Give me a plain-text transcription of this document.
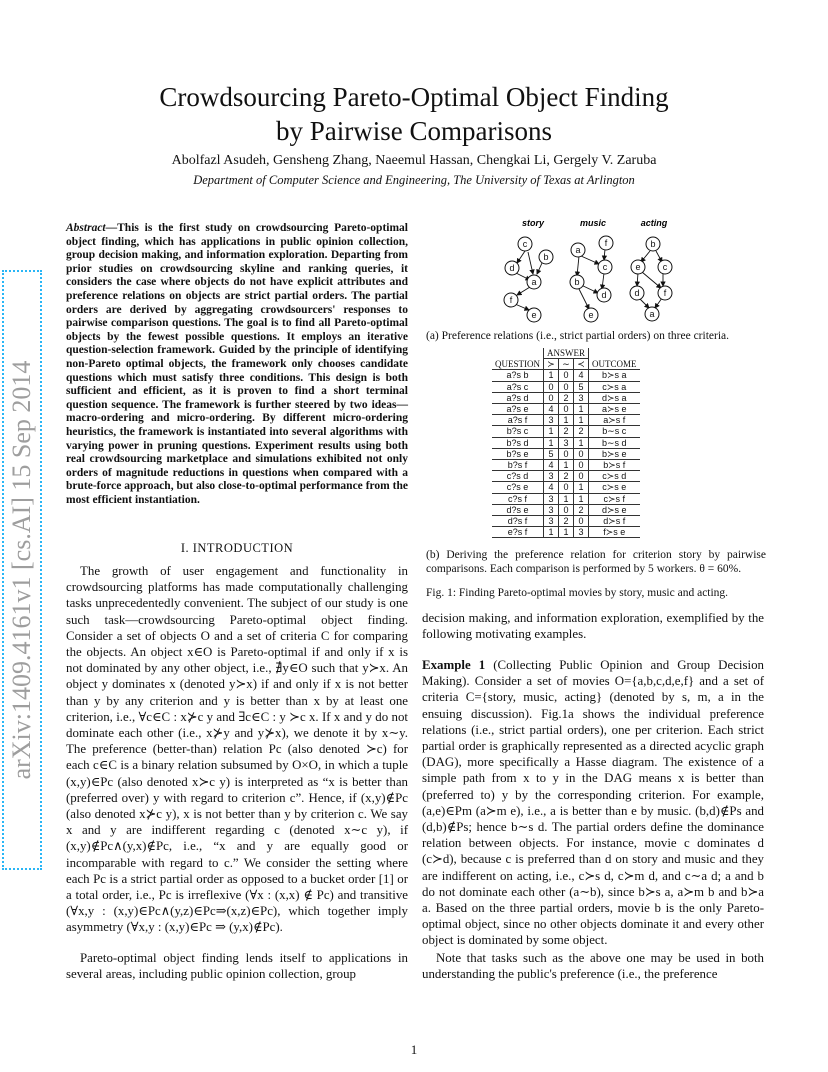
Crowdsourcing Pareto-Optimal Object Finding
by Pairwise Comparisons
Abolfazl Asudeh, Gensheng Zhang, Naeemul Hassan, Chengkai Li, Gergely V. Zaruba
Department of Computer Science and Engineering, The University of Texas at Arlington
arXiv:1409.4161v1 [cs.AI] 15 Sep 2014
Abstract—This is the first study on crowdsourcing Pareto-optimal object finding, which has applications in public opinion collection, group decision making, and information exploration. Departing from prior studies on crowdsourcing skyline and ranking queries, it considers the case where objects do not have explicit attributes and preference relations on objects are strict partial orders. The partial orders are derived by aggregating crowdsourcers' responses to pairwise comparison questions. The goal is to find all Pareto-optimal objects by the fewest possible questions. It employs an iterative question-selection framework. Guided by the principle of identifying non-Pareto optimal objects, the framework only chooses candidate questions which must satisfy three conditions. This design is both sufficient and efficient, as it is proven to find a short terminal question sequence. The framework is further steered by two ideas—macro-ordering and micro-ordering. By different micro-ordering heuristics, the framework is instantiated into several algorithms with varying power in pruning questions. Experiment results using both real crowdsourcing marketplace and simulations exhibited not only orders of magnitude reductions in questions when compared with a brute-force approach, but also close-to-optimal performance from the most efficient instantiation.
I. INTRODUCTION
The growth of user engagement and functionality in crowdsourcing platforms has made computationally challenging tasks unprecedentedly convenient. The subject of our study is one such task—crowdsourcing Pareto-optimal object finding. Consider a set of objects O and a set of criteria C for comparing the objects. An object x∈O is Pareto-optimal if and only if x is not dominated by any other object, i.e., ∄y∈O such that y≻x. An object y dominates x (denoted y≻x) if and only if x is not better than y by any criterion and y is better than x by at least one criterion, i.e., ∀c∈C : x⊁c y and ∃c∈C : y ≻c x. If x and y do not dominate each other (i.e., x⊁y and y⊁x), we denote it by x∼y. The preference (better-than) relation Pc (also denoted ≻c) for each c∈C is a binary relation subsumed by O×O, in which a tuple (x,y)∈Pc (also denoted x≻c y) is interpreted as “x is better than (preferred over) y with regard to criterion c”. Hence, if (x,y)∉Pc (also denoted x⊁c y), x is not better than y by criterion c. We say x and y are indifferent regarding c (denoted x∼c y), if (x,y)∉Pc∧(y,x)∉Pc, i.e., “x and y are equally good or incomparable with regard to c.” We consider the setting where each Pc is a strict partial order as opposed to a bucket order [1] or a total order, i.e., Pc is irreflexive (∀x : (x,x) ∉ Pc) and transitive (∀x,y : (x,y)∈Pc∧(y,z)∈Pc⇒(x,z)∈Pc), which together imply asymmetry (∀x,y : (x,y)∈Pc ⇒ (y,x)∉Pc).
Pareto-optimal object finding lends itself to applications in several areas, including public opinion collection, group
story	music	acting
c
b
d
a
f
e
f
a
c
b
d
e
b
e c
d	f
a
(a) Preference relations (i.e., strict partial orders) on three criteria.
QUESTION	ANSWER			OUTCOME
	≻	∼	≺	
a?s b	1	0	4	b≻s a
a?s c	0	0	5	c≻s a
a?s d	0	2	3	d≻s a
a?s e	4	0	1	a≻s e
a?s f	3	1	1	a≻s f
b?s c	1	2	2	b∼s c
b?s d	1	3	1	b∼s d
b?s e	5	0	0	b≻s e
b?s f	4	1	0	b≻s f
c?s d	3	2	0	c≻s d
c?s e	4	0	1	c≻s e
c?s f	3	1	1	c≻s f
d?s e	3	0	2	d≻s e
d?s f	3	2	0	d≻s f
e?s f	1	1	3	f≻s e
(b) Deriving the preference relation for criterion story by pairwise comparisons. Each comparison is performed by 5 workers. θ = 60%.
Fig. 1: Finding Pareto-optimal movies by story, music and acting.
decision making, and information exploration, exemplified by the following motivating examples.
Example 1 (Collecting Public Opinion and Group Decision Making). Consider a set of movies O={a,b,c,d,e,f} and a set of criteria C={story, music, acting} (denoted by s, m, a in the ensuing discussion). Fig.1a shows the individual preference relations (i.e., strict partial orders), one per criterion. Each strict partial order is graphically represented as a directed acyclic graph (DAG), more specifically a Hasse diagram. The existence of a simple path from x to y in the DAG means x is better than (preferred to) y by the corresponding criterion. For example, (a,e)∈Pm (a≻m e), i.e., a is better than e by music. (b,d)∉Ps and (d,b)∉Ps; hence b∼s d. The partial orders define the dominance relation between objects. For instance, movie c dominates d (c≻d), because c is preferred than d on story and music and they are indifferent on acting, i.e., c≻s d, c≻m d, and c∼a d; a and b do not dominate each other (a∼b), since b≻s a, a≻m b and b≻a a. Based on the three partial orders, movie b is the only Pareto-optimal object, since no other objects dominate it and every other object is dominated by some object.
Note that tasks such as the above one may be used in both understanding the public's preference (i.e., the preference
1
